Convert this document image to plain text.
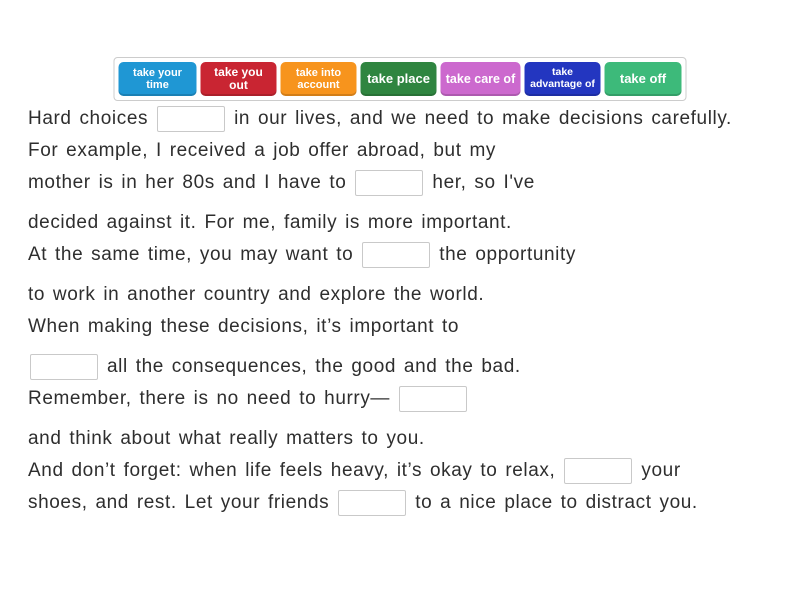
take your time
take you out
take into account	take place	take care of	take advantage of	take off
Hard choices	in our lives, and we need to make decisions carefully.
For example, I received a job offer abroad, but my
mother is in her 80s and I have to	her, so I've
decided against it. For me, family is more important.
At the same time, you may want to	the opportunity
to work in another country and explore the world.
When making these decisions, it’s important to
all the consequences, the good and the bad.
Remember, there is no need to hurry—
and think about what really matters to you.
And don’t forget: when life feels heavy, it’s okay to relax,	your
shoes, and rest. Let your friends	to a nice place to distract you.
